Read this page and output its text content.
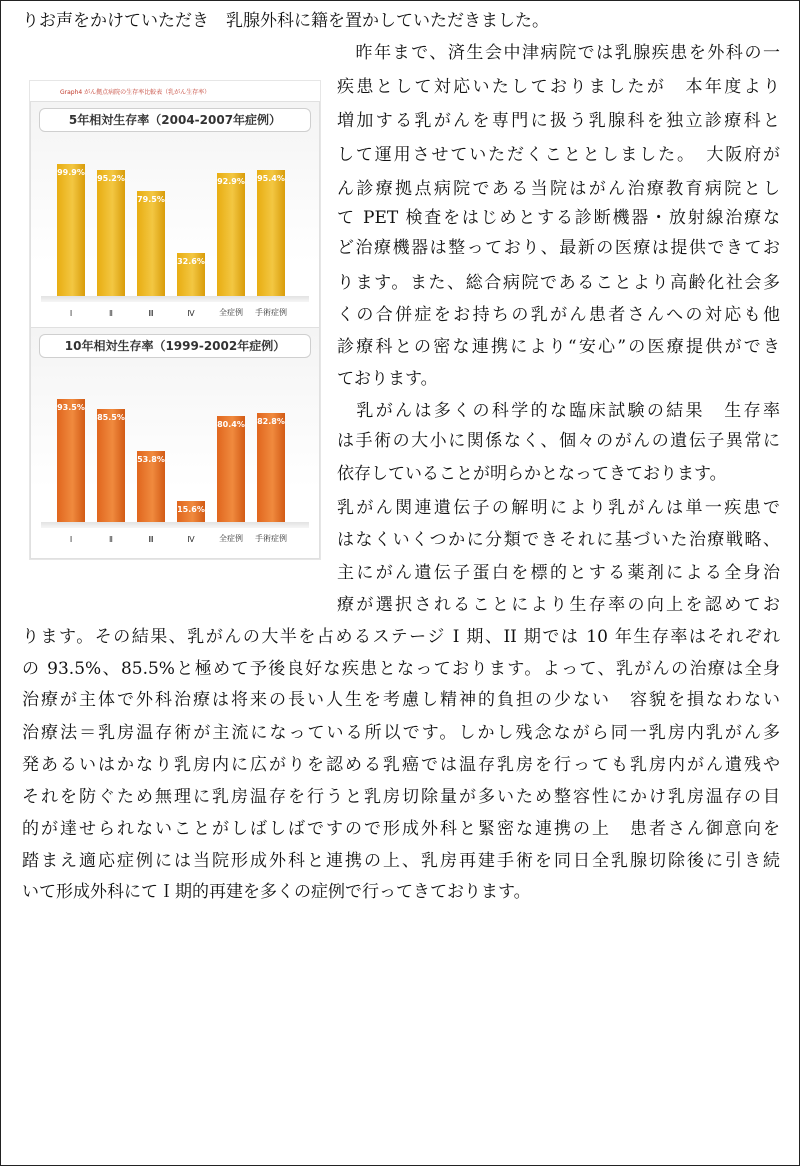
りお声をかけていただき　乳腺外科に籍を置かしていただきました。
　昨年まで、済生会中津病院では乳腺疾患を外科の一
疾患として対応いたしておりましたが　本年度より
増加する乳がんを専門に扱う乳腺科を独立診療科と
して運用させていただくこととしました。　大阪府が
ん診療拠点病院である当院はがん治療教育病院とし
て PET 検査をはじめとする診断機器・放射線治療な
ど治療機器は整っており、最新の医療は提供できてお
ります。また、総合病院であることより高齢化社会多
くの合併症をお持ちの乳がん患者さんへの対応も他
診療科との密な連携により“安心”の医療提供ができ
ております。
　乳がんは多くの科学的な臨床試験の結果　生存率
は手術の大小に関係なく、個々のがんの遺伝子異常に
依存していることが明らかとなってきております。
乳がん関連遺伝子の解明により乳がんは単一疾患で
はなくいくつかに分類できそれに基づいた治療戦略、
主にがん遺伝子蛋白を標的とする薬剤による全身治
療が選択されることにより生存率の向上を認めてお
ります。その結果、乳がんの大半を占めるステージ I 期、II 期では 10 年生存率はそれぞれ
の 93.5%、85.5%と極めて予後良好な疾患となっております。よって、乳がんの治療は全身
治療が主体で外科治療は将来の長い人生を考慮し精神的負担の少ない　容貌を損なわない
治療法＝乳房温存術が主流になっている所以です。しかし残念ながら同一乳房内乳がん多
発あるいはかなり乳房内に広がりを認める乳癌では温存乳房を行っても乳房内がん遺残や
それを防ぐため無理に乳房温存を行うと乳房切除量が多いため整容性にかけ乳房温存の目
的が達せられないことがしばしばですので形成外科と緊密な連携の上　患者さん御意向を
踏まえ適応症例には当院形成外科と連携の上、乳房再建手術を同日全乳腺切除後に引き続
いて形成外科にてＩ期的再建を多くの症例で行ってきております。
Graph4 がん拠点病院の生存率比較表（乳がん生存率）
5年相対生存率（2004-2007年症例）
99.9%
Ⅰ
95.2%
Ⅱ
79.5%
Ⅲ
32.6%
Ⅳ
92.9%
全症例
95.4%
手術症例
10年相対生存率（1999-2002年症例）
93.5%
Ⅰ
85.5%
Ⅱ
53.8%
Ⅲ
15.6%
Ⅳ
80.4%
全症例
82.8%
手術症例
